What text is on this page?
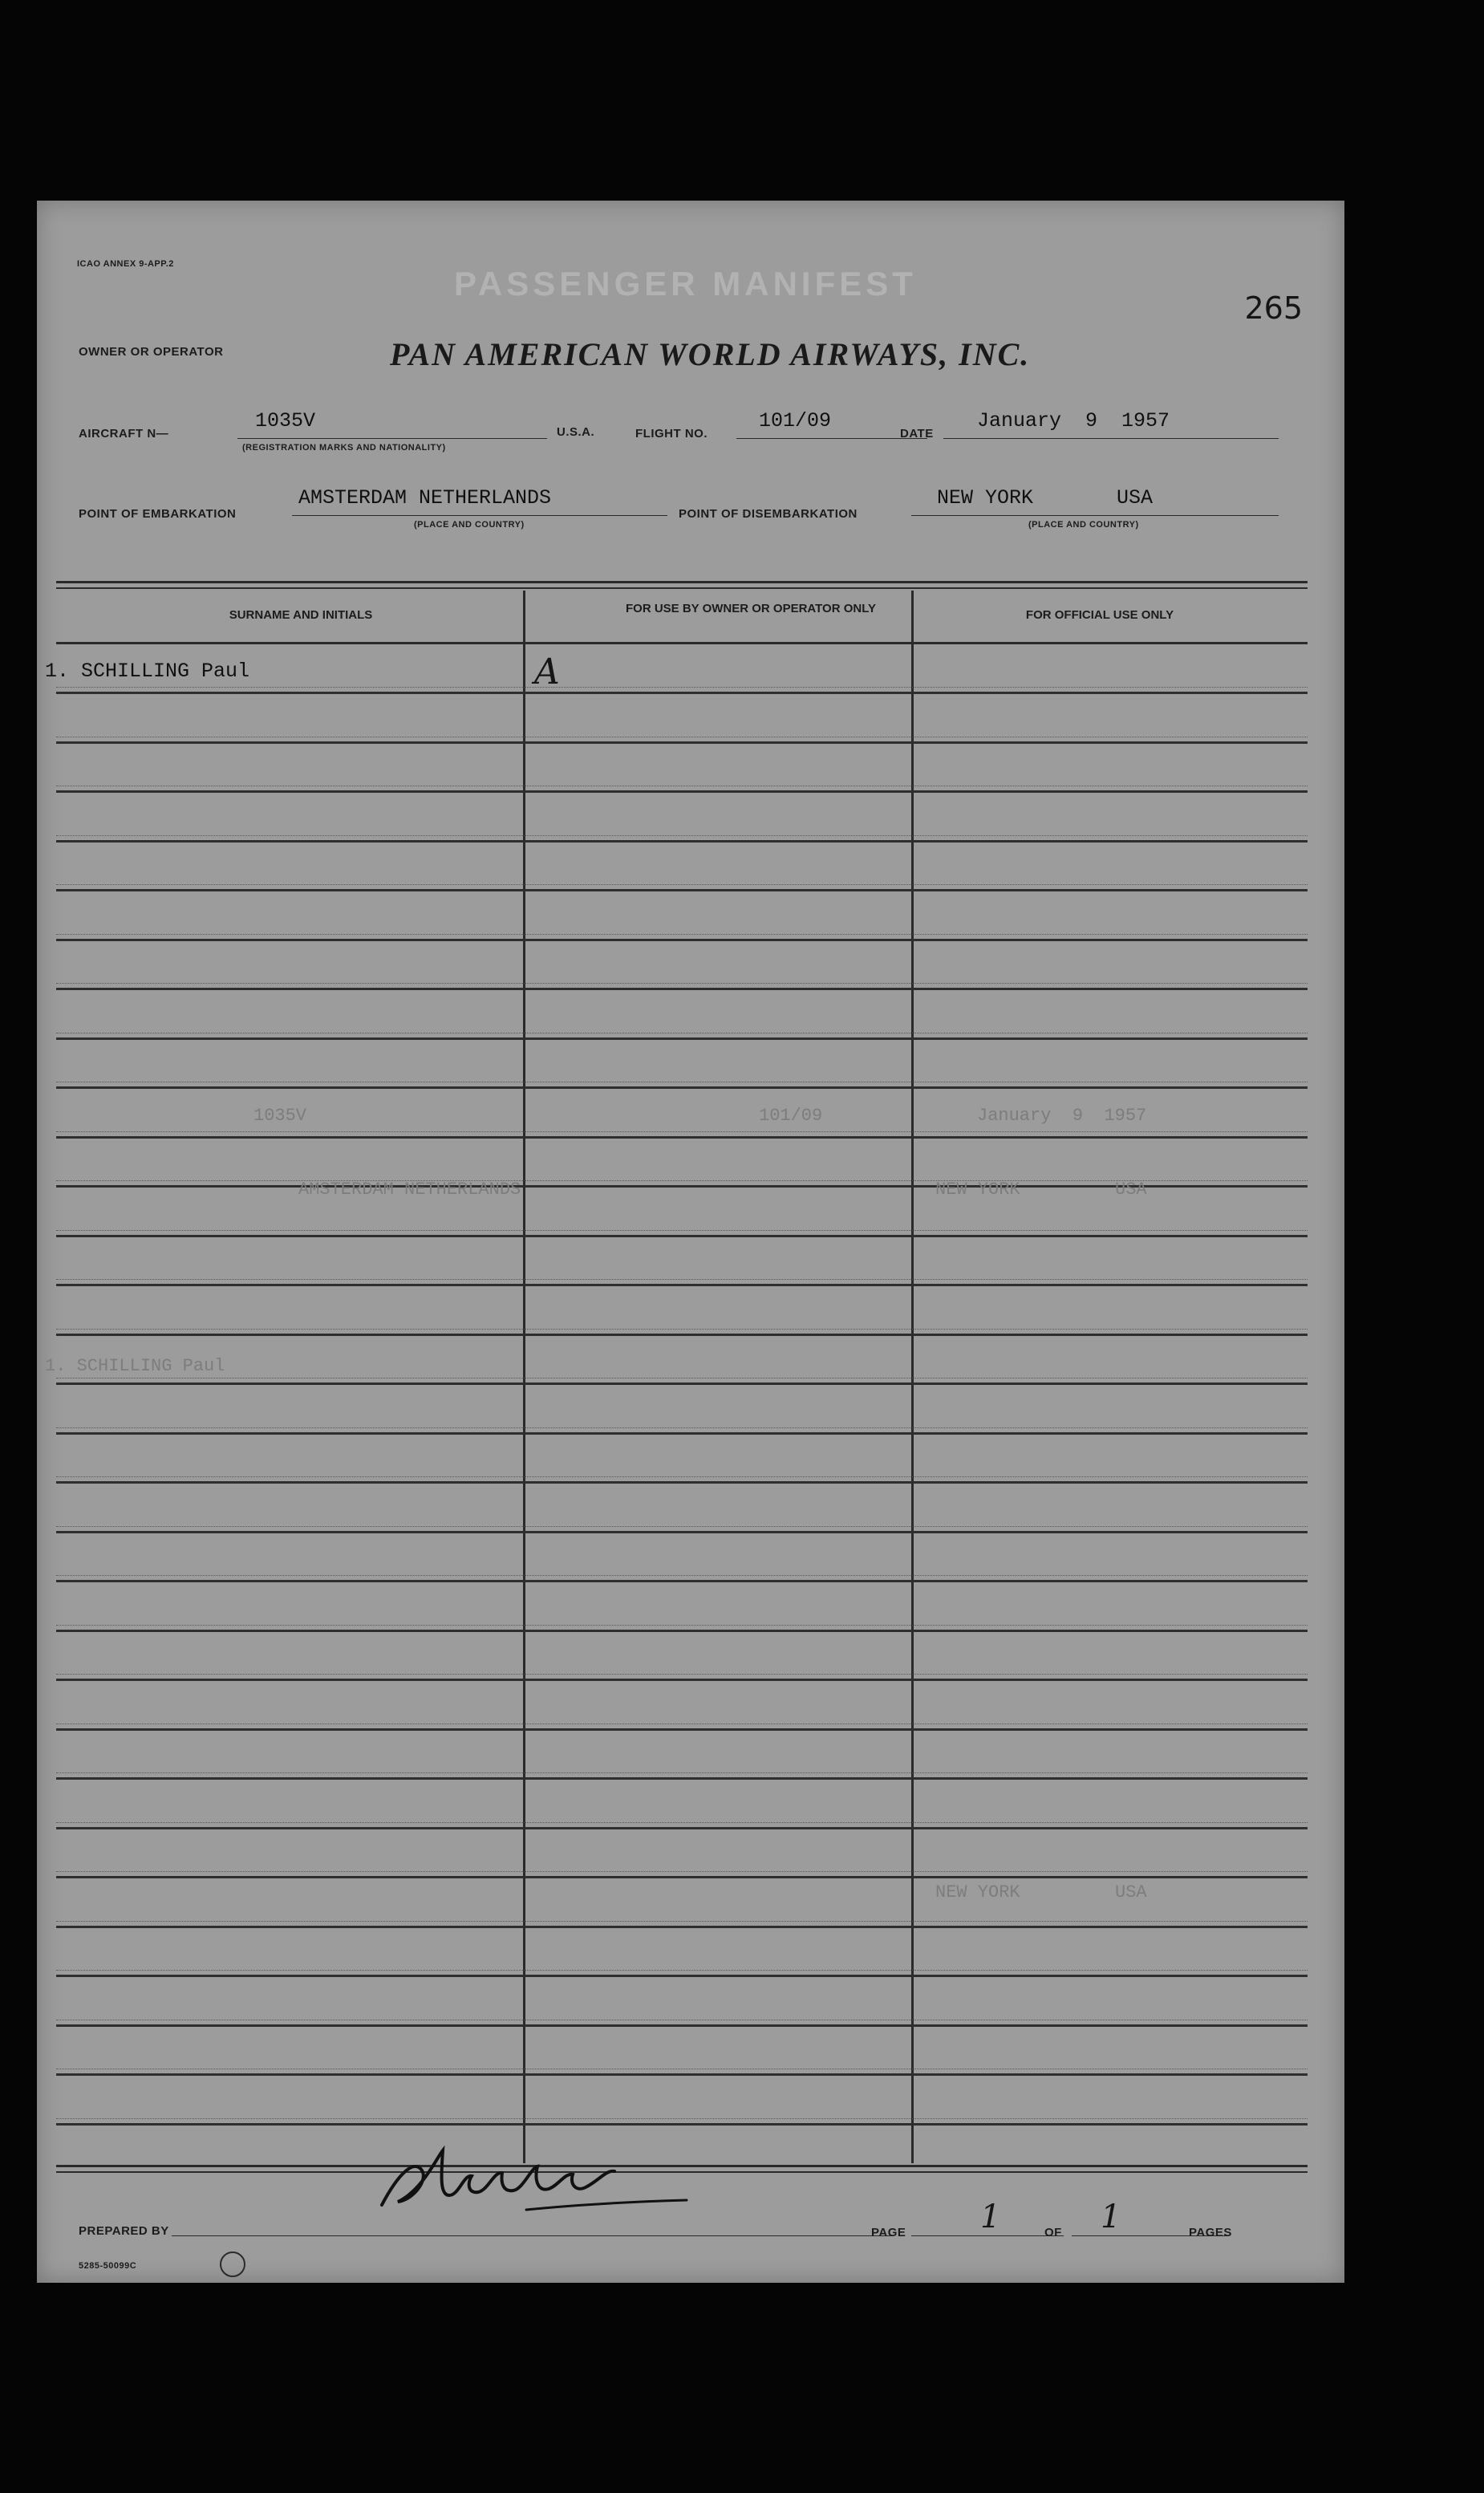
ICAO ANNEX 9-APP.2
PASSENGER MANIFEST
265
OWNER OR OPERATOR	PAN AMERICAN WORLD AIRWAYS, INC.
AIRCRAFT N—
1035V
(REGISTRATION MARKS AND NATIONALITY)
U.S.A.	FLIGHT NO.
101/09
DATE
January  9  1957
POINT OF EMBARKATION
AMSTERDAM NETHERLANDS
(PLACE AND COUNTRY)
POINT OF DISEMBARKATION
NEW YORK	USA
(PLACE AND COUNTRY)
SURNAME AND INITIALS	FOR USE BY OWNER OR OPERATOR ONLY	FOR OFFICIAL USE ONLY
1. SCHILLING Paul	A
1035V	101/09	January  9  1957
AMSTERDAM NETHERLANDS	NEW YORK	USA
1. SCHILLING Paul
NEW YORK	USA
PREPARED BY	PAGE 1	OF 1	PAGES
5285-50099C
